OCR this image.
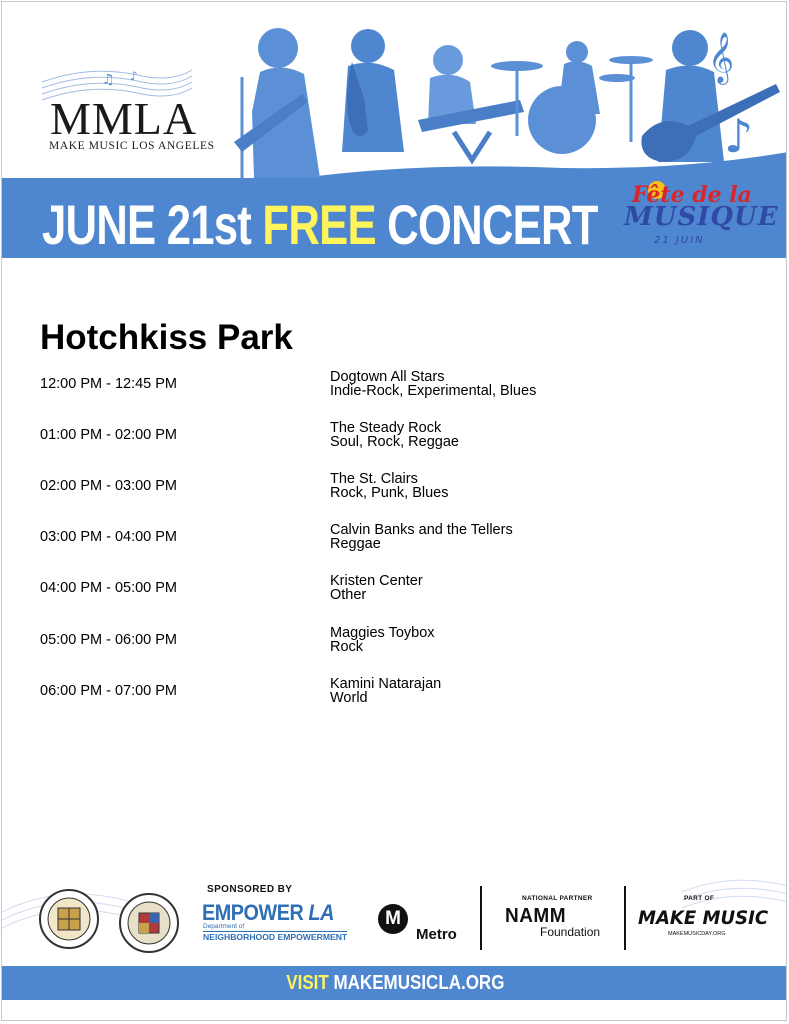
𝄞
♪
♫ ♪
MMLA
MAKE MUSIC LOS ANGELES
JUNE 21st FREE CONCERT Fête de la
MUSIQUE
21 JUIN
Hotchkiss Park
12:00 PM - 12:45 PM	Dogtown All Stars
Indie-Rock, Experimental, Blues
01:00 PM - 02:00 PM	The Steady Rock
Soul, Rock, Reggae
02:00 PM - 03:00 PM	The St. Clairs
Rock, Punk, Blues
03:00 PM - 04:00 PM	Calvin Banks and the Tellers
Reggae
04:00 PM - 05:00 PM	Kristen Center
Other
05:00 PM - 06:00 PM	Maggies Toybox
Rock
06:00 PM - 07:00 PM	Kamini Natarajan
World
SPONSORED BY
EMPOWER LA
Department of
NEIGHBORHOOD EMPOWERMENT
M
Metro
NATIONAL PARTNER
NAMM
Foundation
PART OF
MAKE MUSIC
MAKEMUSICDAY.ORG
VISIT MAKEMUSICLA.ORG
